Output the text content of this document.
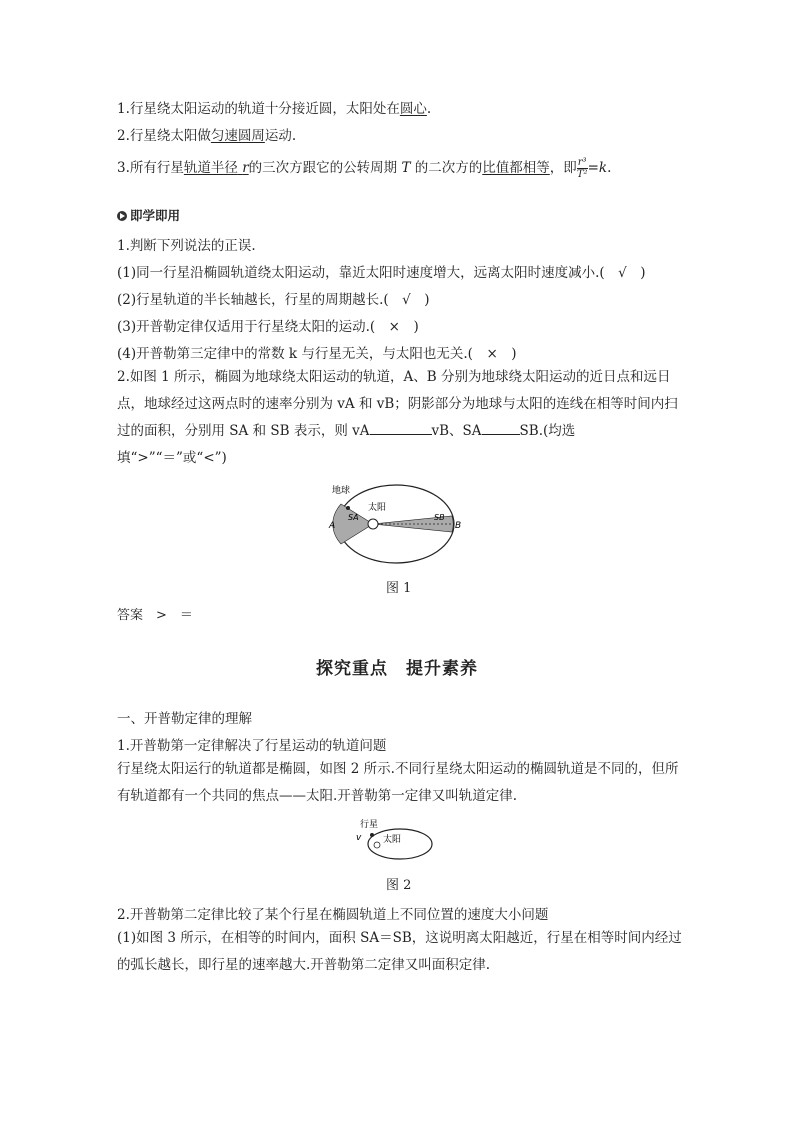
1.行星绕太阳运动的轨道十分接近圆，太阳处在圆心.
2.行星绕太阳做匀速圆周运动.
3.所有行星轨道半径 r的三次方跟它的公转周期 T 的二次方的比值都相等，即 $\frac{\text{r³}}{\text{T²}} =k$.
即学即用
1.判断下列说法的正误.
(1)同一行星沿椭圆轨道绕太阳运动，靠近太阳时速度增大，远离太阳时速度减小.(　√　)
(2)行星轨道的半长轴越长，行星的周期越长.(　√　)
(3)开普勒定律仅适用于行星绕太阳的运动.(　×　)
(4)开普勒第三定律中的常数 k 与行星无关，与太阳也无关.(　×　)
2.如图 1 所示，椭圆为地球绕太阳运动的轨道，A、B 分别为地球绕太阳运动的近日点和远日点，地球经过这两点时的速率分别为 vA 和 vB；阴影部分为地球与太阳的连线在相等时间内扫过的面积，分别用 SA 和 SB 表示，则 vA	vB、SA	SB.(均选填“>”“＝”或“<”)
地球
太阳
A	B
SA	SB
图 1
答案　>　＝
探究重点　提升素养
一、开普勒定律的理解
1.开普勒第一定律解决了行星运动的轨道问题
行星绕太阳运行的轨道都是椭圆，如图 2 所示.不同行星绕太阳运动的椭圆轨道是不同的，但所有轨道都有一个共同的焦点——太阳.开普勒第一定律又叫轨道定律.
行星
v 太阳
图 2
2.开普勒第二定律比较了某个行星在椭圆轨道上不同位置的速度大小问题
(1)如图 3 所示，在相等的时间内，面积 SA＝SB，这说明离太阳越近，行星在相等时间内经过的弧长越长，即行星的速率越大.开普勒第二定律又叫面积定律.
